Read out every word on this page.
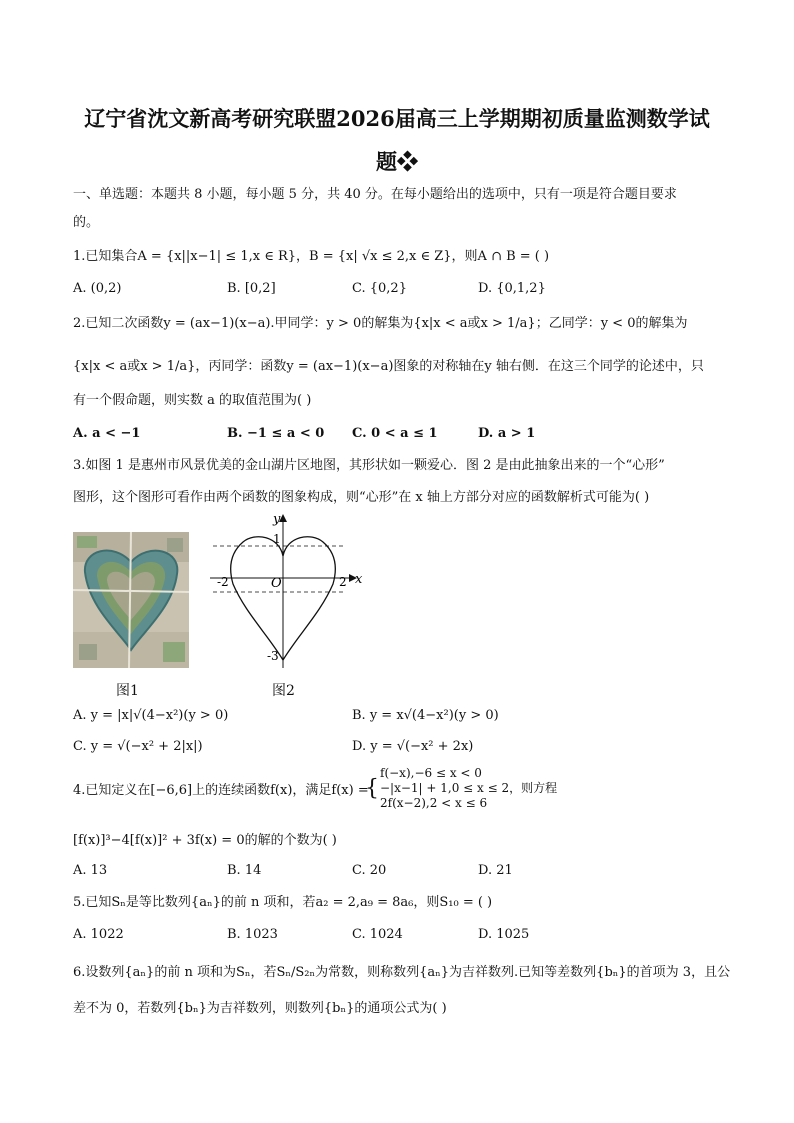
辽宁省沈文新高考研究联盟2026届高三上学期期初质量监测数学试
题❖
一、单选题：本题共 8 小题，每小题 5 分，共 40 分。在每小题给出的选项中，只有一项是符合题目要求
的。
1.已知集合A = {x||x−1| ≤ 1,x ∈ R}，B = {x| √x ≤ 2,x ∈ Z}，则A ∩ B = ( )
A. (0,2)	B. [0,2]	C. {0,2}	D. {0,1,2}
2.已知二次函数y = (ax−1)(x−a).甲同学：y > 0的解集为{x|x < a或x > 1/a}；乙同学：y < 0的解集为
{x|x < a或x > 1/a}，丙同学：函数y = (ax−1)(x−a)图象的对称轴在y 轴右侧．在这三个同学的论述中，只
有一个假命题，则实数 a 的取值范围为( )
A. a < −1	B. −1 ≤ a < 0 C. 0 < a ≤ 1	D. a > 1
3.如图 1 是惠州市风景优美的金山湖片区地图，其形状如一颗爱心．图 2 是由此抽象出来的一个“心形”
图形，这个图形可看作由两个函数的图象构成，则“心形”在 x 轴上方部分对应的函数解析式可能为( )
图1
y
x
O
1
-2	2
-3
图2
A. y = |x|√(4−x²)(y > 0)	B. y = x√(4−x²)(y > 0)
C. y = √(−x² + 2|x|)	D. y = √(−x² + 2x)
4.已知定义在[−6,6]上的连续函数f(x)，满足f(x) =
{
f(−x),−6 ≤ x < 0
−|x−1| + 1,0 ≤ x ≤ 2，则方程
2f(x−2),2 < x ≤ 6
[f(x)]³−4[f(x)]² + 3f(x) = 0的解的个数为( )
A. 13	B. 14	C. 20	D. 21
5.已知Sₙ是等比数列{aₙ}的前 n 项和，若a₂ = 2,a₉ = 8a₆，则S₁₀ = ( )
A. 1022	B. 1023	C. 1024	D. 1025
6.设数列{aₙ}的前 n 项和为Sₙ，若Sₙ/S₂ₙ为常数，则称数列{aₙ}为吉祥数列.已知等差数列{bₙ}的首项为 3，且公
差不为 0，若数列{bₙ}为吉祥数列，则数列{bₙ}的通项公式为( )
